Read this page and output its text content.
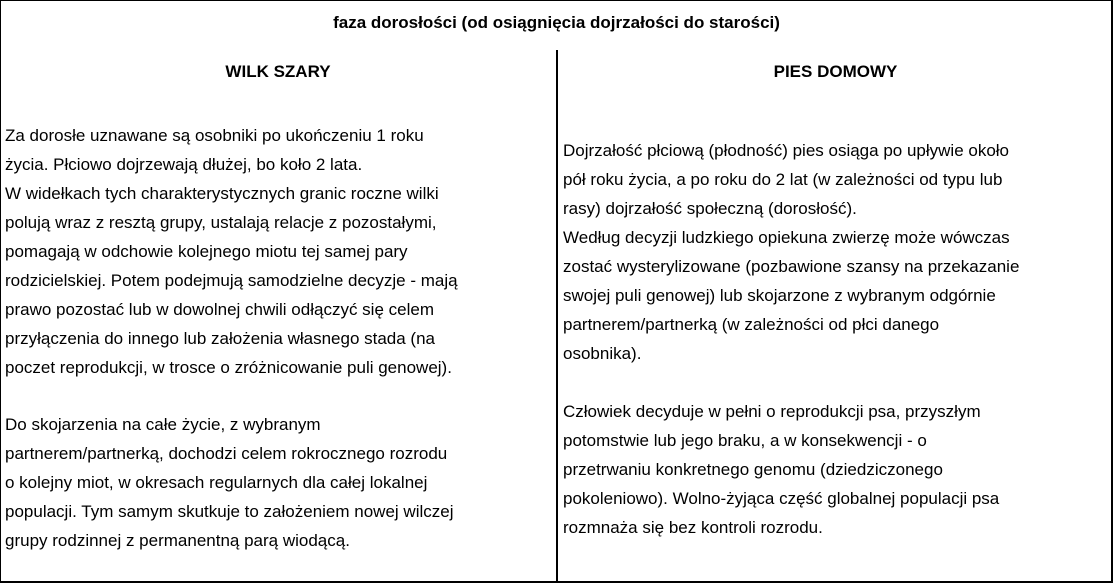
faza dorosłości (od osiągnięcia dojrzałości do starości)
WILK SZARY	PIES DOMOWY
Za dorosłe uznawane są osobniki po ukończeniu 1 roku
życia. Płciowo dojrzewają dłużej, bo koło 2 lata.
W widełkach tych charakterystycznych granic roczne wilki
polują wraz z resztą grupy, ustalają relacje z pozostałymi,
pomagają w odchowie kolejnego miotu tej samej pary
rodzicielskiej. Potem podejmują samodzielne decyzje - mają
prawo pozostać lub w dowolnej chwili odłączyć się celem
przyłączenia do innego lub założenia własnego stada (na
poczet reprodukcji, w trosce o zróżnicowanie puli genowej).
Do skojarzenia na całe życie, z wybranym
partnerem/partnerką, dochodzi celem rokrocznego rozrodu
o kolejny miot, w okresach regularnych dla całej lokalnej
populacji. Tym samym skutkuje to założeniem nowej wilczej
grupy rodzinnej z permanentną parą wiodącą.
Dojrzałość płciową (płodność) pies osiąga po upływie około
pół roku życia, a po roku do 2 lat (w zależności od typu lub
rasy) dojrzałość społeczną (dorosłość).
Według decyzji ludzkiego opiekuna zwierzę może wówczas
zostać wysterylizowane (pozbawione szansy na przekazanie
swojej puli genowej) lub skojarzone z wybranym odgórnie
partnerem/partnerką (w zależności od płci danego
osobnika).
Człowiek decyduje w pełni o reprodukcji psa, przyszłym
potomstwie lub jego braku, a w konsekwencji - o
przetrwaniu konkretnego genomu (dziedziczonego
pokoleniowo). Wolno-żyjąca część globalnej populacji psa
rozmnaża się bez kontroli rozrodu.
